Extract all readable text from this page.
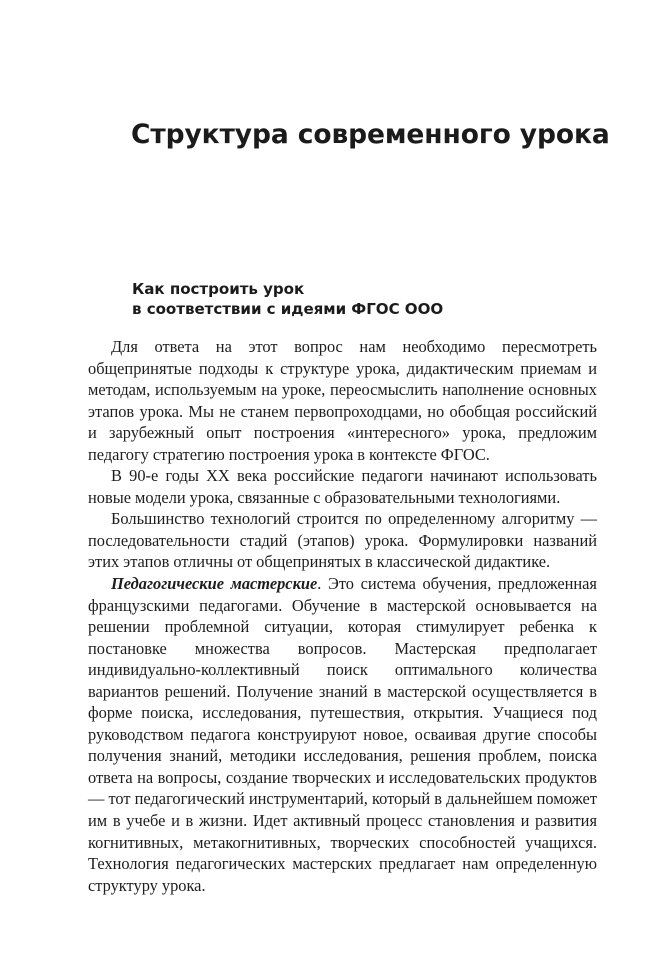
Структура современного урока
Как построить урок
в соответствии с идеями ФГОС ООО

Для ответа на этот вопрос нам необходимо пересмотреть общепринятые подходы к структуре урока, дидактическим приемам и методам, используемым на уроке, переосмыслить наполнение основных этапов урока. Мы не станем первопроходцами, но обобщая российский и зарубежный опыт построения «интересного» урока, предложим педагогу стратегию построения урока в контексте ФГОС.

В 90-е годы XX века российские педагоги начинают использовать новые модели урока, связанные с образовательными технологиями.

Большинство технологий строится по определенному алгоритму — последовательности стадий (этапов) урока. Формулировки названий этих этапов отличны от общепринятых в классической дидактике.

Педагогические мастерские. Это система обучения, предложенная французскими педагогами. Обучение в мастерской основывается на решении проблемной ситуации, которая стимулирует ребенка к постановке множества вопросов. Мастерская предполагает индивидуально-коллективный поиск оптимального количества вариантов решений. Получение знаний в мастерской осуществляется в форме поиска, исследования, путешествия, открытия. Учащиеся под руководством педагога конструируют новое, осваивая другие способы получения знаний, методики исследования, решения проблем, поиска ответа на вопросы, создание творческих и исследовательских продуктов — тот педагогический инструментарий, который в дальнейшем поможет им в учебе и в жизни. Идет активный процесс становления и развития когнитивных, метакогнитивных, творческих способностей учащихся. Технология педагогических мастерских предлагает нам определенную структуру урока.
